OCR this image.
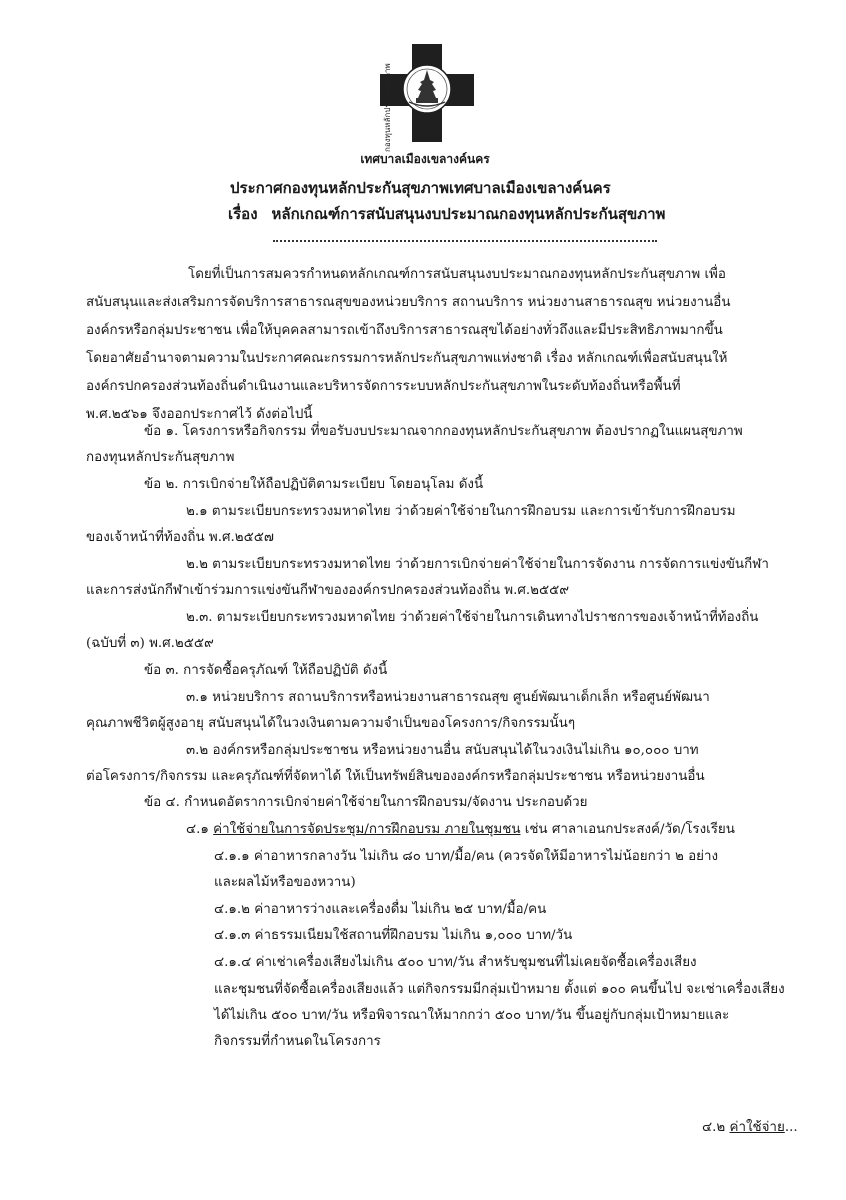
กองทุนหลักประกันสุขภาพ
เทศบาลเมืองเขลางค์นคร
ประกาศกองทุนหลักประกันสุขภาพเทศบาลเมืองเขลางค์นคร
เรื่อง หลักเกณฑ์การสนับสนุนงบประมาณกองทุนหลักประกันสุขภาพ
โดยที่เป็นการสมควรกำหนดหลักเกณฑ์การสนับสนุนงบประมาณกองทุนหลักประกันสุขภาพ เพื่อ
สนับสนุนและส่งเสริมการจัดบริการสาธารณสุขของหน่วยบริการ สถานบริการ หน่วยงานสาธารณสุข หน่วยงานอื่น
องค์กรหรือกลุ่มประชาชน เพื่อให้บุคคลสามารถเข้าถึงบริการสาธารณสุขได้อย่างทั่วถึงและมีประสิทธิภาพมากขึ้น
โดยอาศัยอำนาจตามความในประกาศคณะกรรมการหลักประกันสุขภาพแห่งชาติ เรื่อง หลักเกณฑ์เพื่อสนับสนุนให้
องค์กรปกครองส่วนท้องถิ่นดำเนินงานและบริหารจัดการระบบหลักประกันสุขภาพในระดับท้องถิ่นหรือพื้นที่
พ.ศ.๒๕๖๑ จึงออกประกาศไว้ ดังต่อไปนี้
ข้อ ๑. โครงการหรือกิจกรรม ที่ขอรับงบประมาณจากกองทุนหลักประกันสุขภาพ ต้องปรากฏในแผนสุขภาพ
กองทุนหลักประกันสุขภาพ
ข้อ ๒. การเบิกจ่ายให้ถือปฏิบัติตามระเบียบ โดยอนุโลม ดังนี้
๒.๑ ตามระเบียบกระทรวงมหาดไทย ว่าด้วยค่าใช้จ่ายในการฝึกอบรม และการเข้ารับการฝึกอบรม
ของเจ้าหน้าที่ท้องถิ่น พ.ศ.๒๕๕๗
๒.๒ ตามระเบียบกระทรวงมหาดไทย ว่าด้วยการเบิกจ่ายค่าใช้จ่ายในการจัดงาน การจัดการแข่งขันกีฬา
และการส่งนักกีฬาเข้าร่วมการแข่งขันกีฬาขององค์กรปกครองส่วนท้องถิ่น พ.ศ.๒๕๕๙
๒.๓. ตามระเบียบกระทรวงมหาดไทย ว่าด้วยค่าใช้จ่ายในการเดินทางไปราชการของเจ้าหน้าที่ท้องถิ่น
(ฉบับที่ ๓) พ.ศ.๒๕๕๙
ข้อ ๓. การจัดซื้อครุภัณฑ์ ให้ถือปฏิบัติ ดังนี้
๓.๑ หน่วยบริการ สถานบริการหรือหน่วยงานสาธารณสุข ศูนย์พัฒนาเด็กเล็ก หรือศูนย์พัฒนา
คุณภาพชีวิตผู้สูงอายุ สนับสนุนได้ในวงเงินตามความจำเป็นของโครงการ/กิจกรรมนั้นๆ
๓.๒ องค์กรหรือกลุ่มประชาชน หรือหน่วยงานอื่น สนับสนุนได้ในวงเงินไม่เกิน ๑๐,๐๐๐ บาท
ต่อโครงการ/กิจกรรม และครุภัณฑ์ที่จัดหาได้ ให้เป็นทรัพย์สินขององค์กรหรือกลุ่มประชาชน หรือหน่วยงานอื่น
ข้อ ๔. กำหนดอัตราการเบิกจ่ายค่าใช้จ่ายในการฝึกอบรม/จัดงาน ประกอบด้วย
๔.๑ ค่าใช้จ่ายในการจัดประชุม/การฝึกอบรม ภายในชุมชน เช่น ศาลาเอนกประสงค์/วัด/โรงเรียน
๔.๑.๑ ค่าอาหารกลางวัน ไม่เกิน ๘๐ บาท/มื้อ/คน (ควรจัดให้มีอาหารไม่น้อยกว่า ๒ อย่าง
และผลไม้หรือของหวาน)
๔.๑.๒ ค่าอาหารว่างและเครื่องดื่ม ไม่เกิน ๒๕ บาท/มื้อ/คน
๔.๑.๓ ค่าธรรมเนียมใช้สถานที่ฝึกอบรม ไม่เกิน ๑,๐๐๐ บาท/วัน
๔.๑.๔ ค่าเช่าเครื่องเสียงไม่เกิน ๕๐๐ บาท/วัน สำหรับชุมชนที่ไม่เคยจัดซื้อเครื่องเสียง
และชุมชนที่จัดซื้อเครื่องเสียงแล้ว แต่กิจกรรมมีกลุ่มเป้าหมาย ตั้งแต่ ๑๐๐ คนขึ้นไป จะเช่าเครื่องเสียง
ได้ไม่เกิน ๕๐๐ บาท/วัน หรือพิจารณาให้มากกว่า ๕๐๐ บาท/วัน ขึ้นอยู่กับกลุ่มเป้าหมายและ
กิจกรรมที่กำหนดในโครงการ
๔.๒ ค่าใช้จ่าย...
